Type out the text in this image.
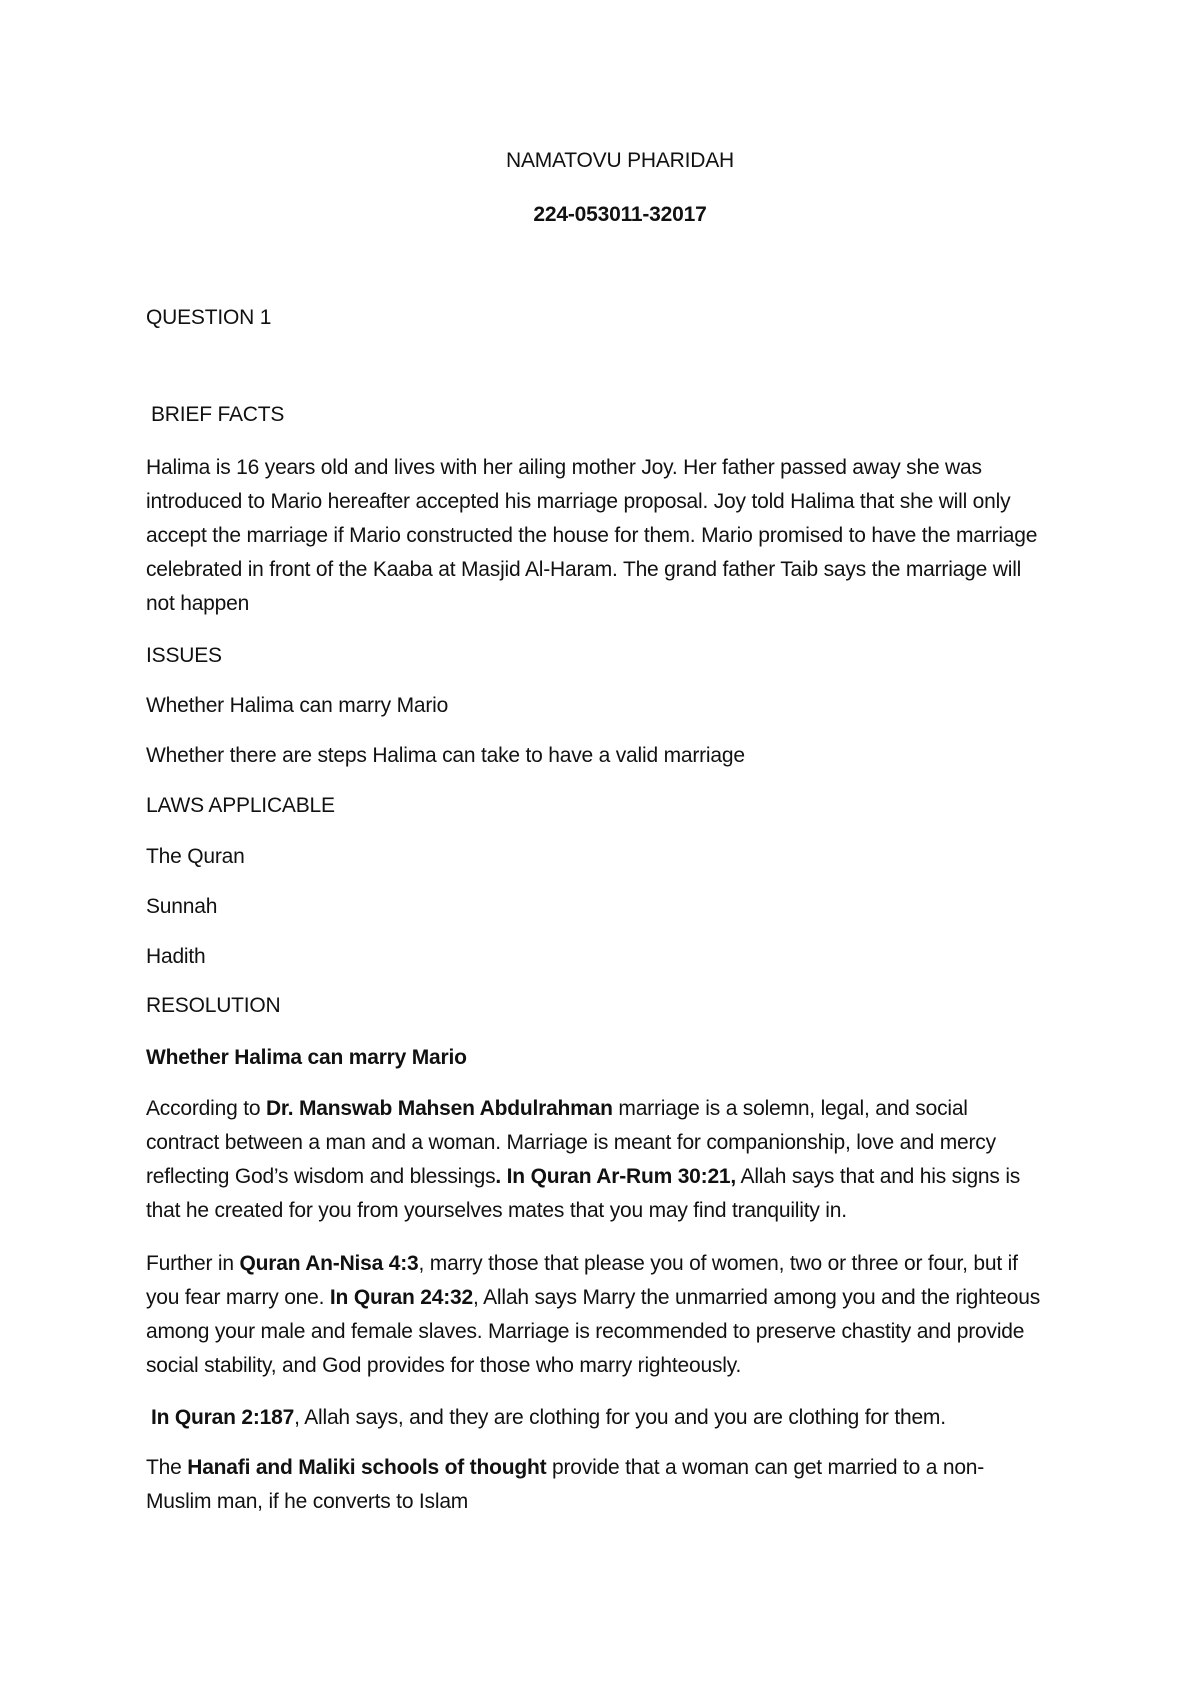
NAMATOVU PHARIDAH

224-053011-32017

QUESTION 1

BRIEF FACTS

Halima is 16 years old and lives with her ailing mother Joy. Her father passed away she was introduced to Mario hereafter accepted his marriage proposal. Joy told Halima that she will only accept the marriage if Mario constructed the house for them. Mario promised to have the marriage celebrated in front of the Kaaba at Masjid Al-Haram. The grand father Taib says the marriage will not happen

ISSUES

Whether Halima can marry Mario

Whether there are steps Halima can take to have a valid marriage

LAWS APPLICABLE

The Quran

Sunnah

Hadith

RESOLUTION

Whether Halima can marry Mario

According to Dr. Manswab Mahsen Abdulrahman marriage is a solemn, legal, and social contract between a man and a woman. Marriage is meant for companionship, love and mercy reflecting God’s wisdom and blessings. In Quran Ar-Rum 30:21, Allah says that and his signs is that he created for you from yourselves mates that you may find tranquility in.

Further in Quran An-Nisa 4:3, marry those that please you of women, two or three or four, but if you fear marry one. In Quran 24:32, Allah says Marry the unmarried among you and the righteous among your male and female slaves. Marriage is recommended to preserve chastity and provide social stability, and God provides for those who marry righteously.

In Quran 2:187, Allah says, and they are clothing for you and you are clothing for them.

The Hanafi and Maliki schools of thought provide that a woman can get married to a non-Muslim man, if he converts to Islam
